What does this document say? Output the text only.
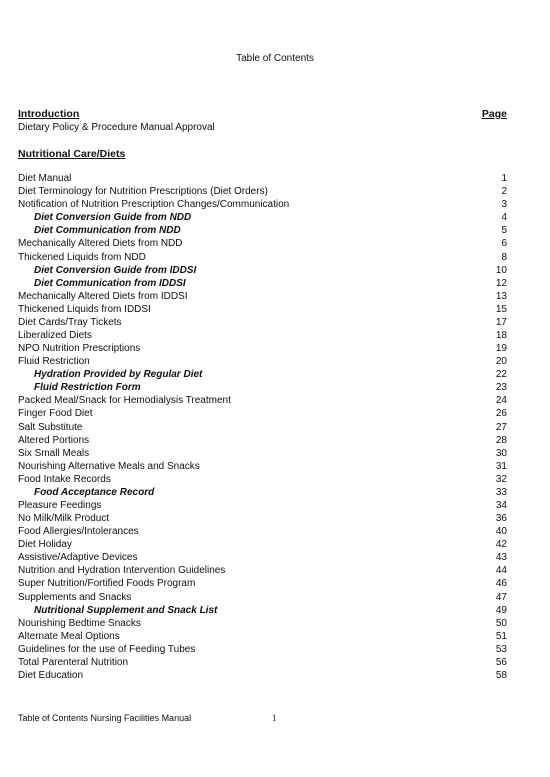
Table of Contents
Introduction	Page
Dietary Policy & Procedure Manual Approval
Nutritional Care/Diets
Diet Manual	1
Diet Terminology for Nutrition Prescriptions (Diet Orders)	2
Notification of Nutrition Prescription Changes/Communication	3
Diet Conversion Guide from NDD	4
Diet Communication from NDD	5
Mechanically Altered Diets from NDD	6
Thickened Liquids from NDD	8
Diet Conversion Guide from IDDSI	10
Diet Communication from IDDSI	12
Mechanically Altered Diets from IDDSI	13
Thickened Liquids from IDDSI	15
Diet Cards/Tray Tickets	17
Liberalized Diets	18
NPO Nutrition Prescriptions	19
Fluid Restriction	20
Hydration Provided by Regular Diet	22
Fluid Restriction Form	23
Packed Meal/Snack for Hemodialysis Treatment	24
Finger Food Diet	26
Salt Substitute	27
Altered Portions	28
Six Small Meals	30
Nourishing Alternative Meals and Snacks	31
Food Intake Records	32
Food Acceptance Record	33
Pleasure Feedings	34
No Milk/Milk Product	36
Food Allergies/Intolerances	40
Diet Holiday	42
Assistive/Adaptive Devices	43
Nutrition and Hydration Intervention Guidelines	44
Super Nutrition/Fortified Foods Program	46
Supplements and Snacks	47
Nutritional Supplement and Snack List	49
Nourishing Bedtime Snacks	50
Alternate Meal Options	51
Guidelines for the use of Feeding Tubes	53
Total Parenteral Nutrition	56
Diet Education	58
Table of Contents Nursing Facilities Manual	1
